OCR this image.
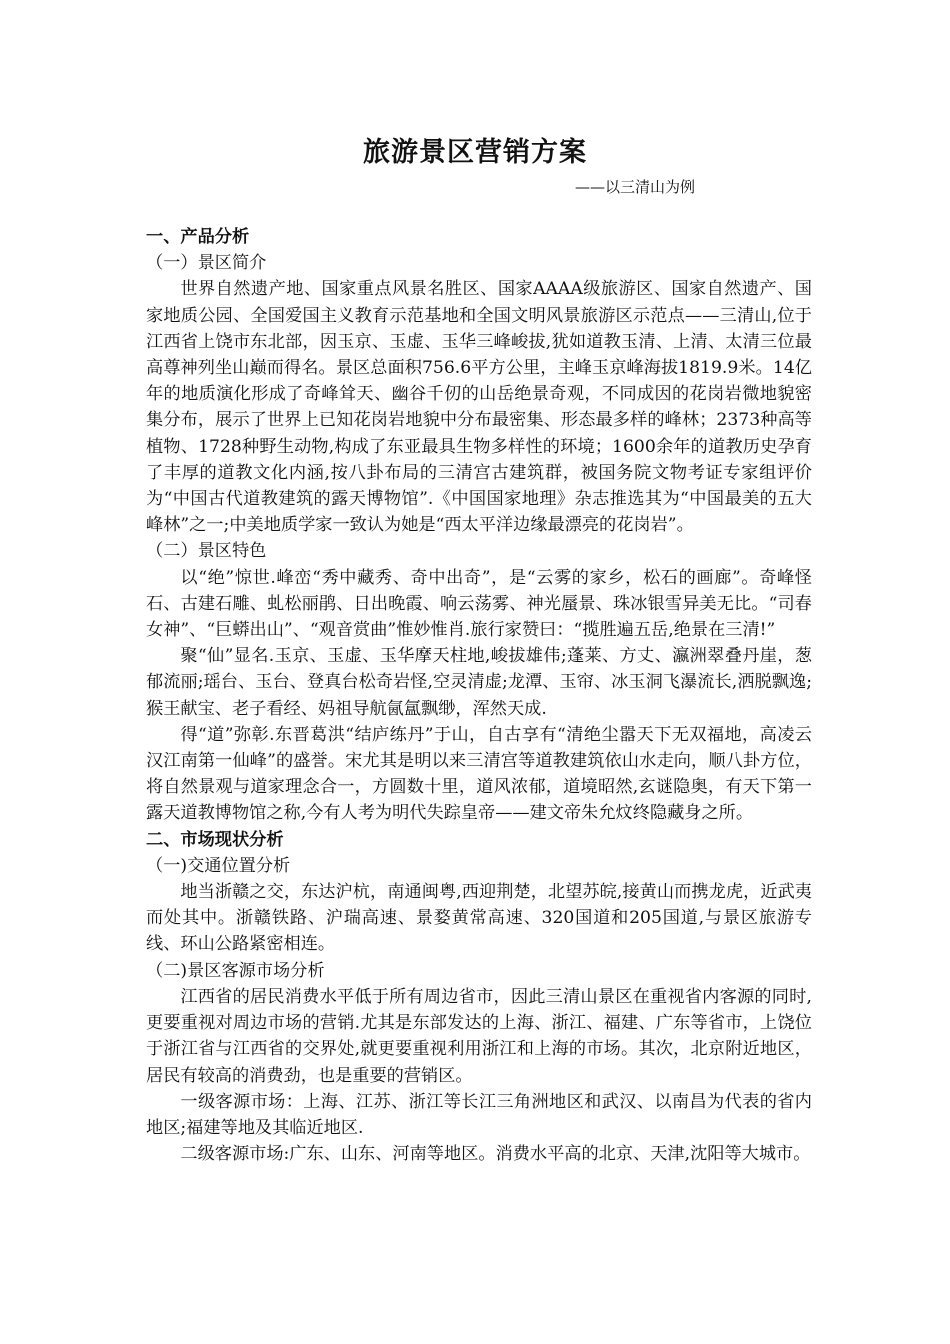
旅游景区营销方案

——以三清山为例

一、产品分析

（一）景区简介

世界自然遗产地、国家重点风景名胜区、国家AAAA级旅游区、国家自然遗产、国家地质公园、全国爱国主义教育示范基地和全国文明风景旅游区示范点——三清山,位于江西省上饶市东北部，因玉京、玉虚、玉华三峰峻拔,犹如道教玉清、上清、太清三位最高尊神列坐山巅而得名。景区总面积756.6平方公里，主峰玉京峰海拔1819.9米。14亿年的地质演化形成了奇峰耸天、幽谷千仞的山岳绝景奇观，不同成因的花岗岩微地貌密集分布，展示了世界上已知花岗岩地貌中分布最密集、形态最多样的峰林；2373种高等植物、1728种野生动物,构成了东亚最具生物多样性的环境；1600余年的道教历史孕育了丰厚的道教文化内涵,按八卦布局的三清宫古建筑群，被国务院文物考证专家组评价为“中国古代道教建筑的露天博物馆”.《中国国家地理》杂志推选其为“中国最美的五大峰林”之一;中美地质学家一致认为她是“西太平洋边缘最漂亮的花岗岩”。

（二）景区特色

以“绝”惊世.峰峦“秀中藏秀、奇中出奇”，是“云雾的家乡，松石的画廊”。奇峰怪石、古建石雕、虬松丽鹃、日出晚霞、响云荡雾、神光蜃景、珠冰银雪异美无比。“司春女神”、“巨蟒出山”、“观音赏曲”惟妙惟肖.旅行家赞曰：“揽胜遍五岳,绝景在三清!”

聚“仙”显名.玉京、玉虚、玉华摩天柱地,峻拔雄伟;蓬莱、方丈、瀛洲翠叠丹崖，葱郁流丽;瑶台、玉台、登真台松奇岩怪,空灵清虚;龙潭、玉帘、冰玉洞飞瀑流长,洒脱飘逸;猴王献宝、老子看经、妈祖导航氤氲飘缈，浑然天成.

得“道”弥彰.东晋葛洪“结庐练丹”于山，自古享有“清绝尘嚣天下无双福地，高凌云汉江南第一仙峰”的盛誉。宋尤其是明以来三清宫等道教建筑依山水走向，顺八卦方位，将自然景观与道家理念合一，方圆数十里，道风浓郁，道境昭然,玄谜隐奥，有天下第一露天道教博物馆之称,今有人考为明代失踪皇帝——建文帝朱允炆终隐藏身之所。

二、市场现状分析

（一)交通位置分析

地当浙赣之交，东达沪杭，南通闽粤,西迎荆楚，北望苏皖,接黄山而携龙虎，近武夷而处其中。浙赣铁路、沪瑞高速、景婺黄常高速、320国道和205国道,与景区旅游专线、环山公路紧密相连。

（二)景区客源市场分析

江西省的居民消费水平低于所有周边省市，因此三清山景区在重视省内客源的同时,更要重视对周边市场的营销.尤其是东部发达的上海、浙江、福建、广东等省市，上饶位于浙江省与江西省的交界处,就更要重视利用浙江和上海的市场。其次，北京附近地区，居民有较高的消费劲，也是重要的营销区。

一级客源市场：上海、江苏、浙江等长江三角洲地区和武汉、以南昌为代表的省内地区;福建等地及其临近地区.

二级客源市场:广东、山东、河南等地区。消费水平高的北京、天津,沈阳等大城市。
